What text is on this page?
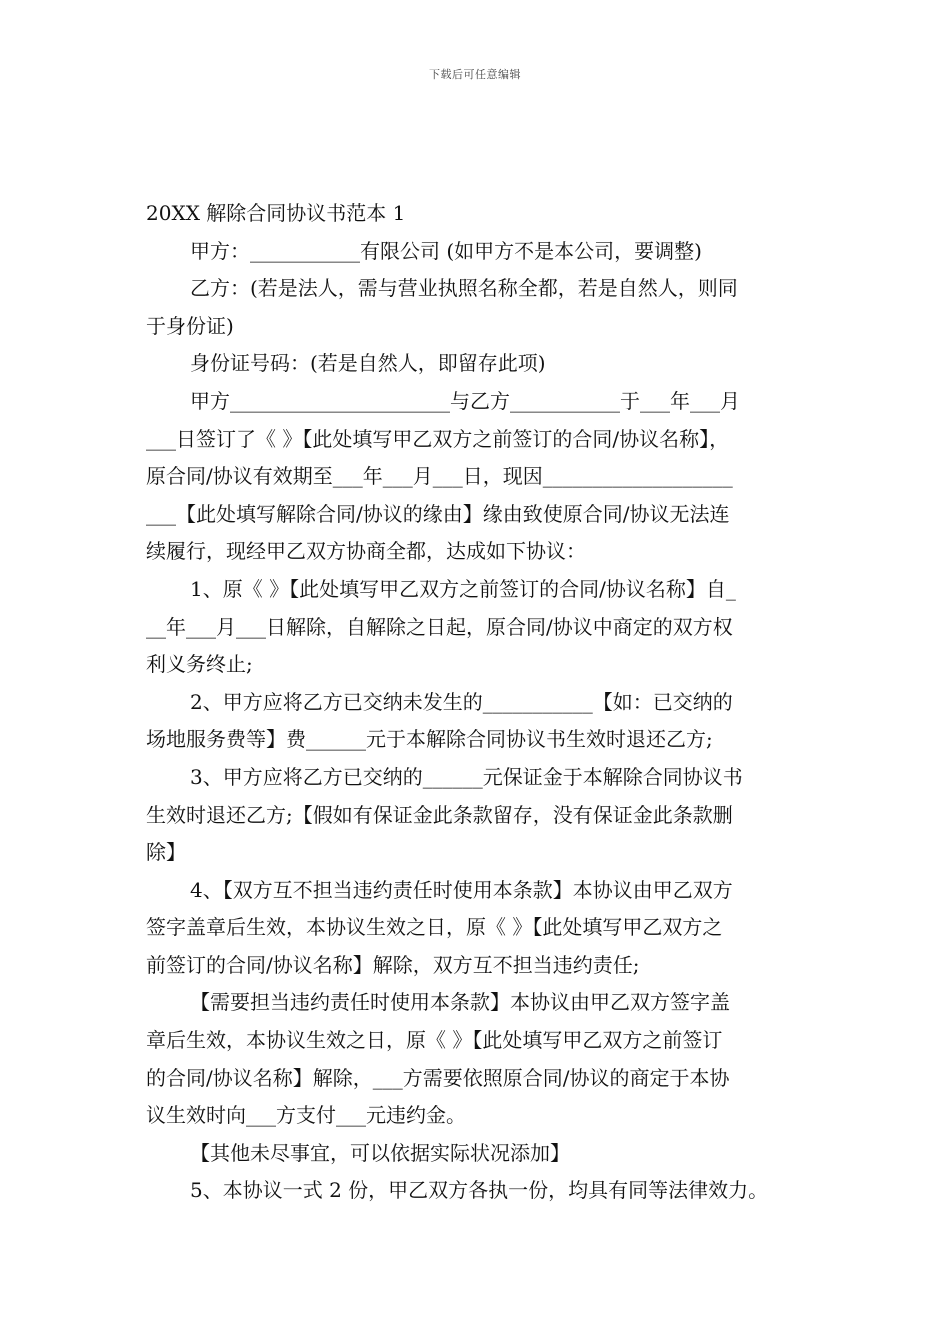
下载后可任意编辑

20XX 解除合同协议书范本 1

甲方：___________有限公司 (如甲方不是本公司，要调整)

乙方：(若是法人，需与营业执照名称全都，若是自然人，则同

于身份证)

身份证号码：(若是自然人，即留存此项)

甲方______________________与乙方___________于___年___月

___日签订了《 》【此处填写甲乙双方之前签订的合同/协议名称】，

原合同/协议有效期至___年___月___日，现因___________________

___【此处填写解除合同/协议的缘由】缘由致使原合同/协议无法连

续履行，现经甲乙双方协商全都，达成如下协议：

1、原《 》【此处填写甲乙双方之前签订的合同/协议名称】自_

__年___月___日解除，自解除之日起，原合同/协议中商定的双方权

利义务终止;

2、甲方应将乙方已交纳未发生的___________【如：已交纳的

场地服务费等】费______元于本解除合同协议书生效时退还乙方;

3、甲方应将乙方已交纳的______元保证金于本解除合同协议书

生效时退还乙方;【假如有保证金此条款留存，没有保证金此条款删

除】

4、【双方互不担当违约责任时使用本条款】本协议由甲乙双方

签字盖章后生效，本协议生效之日，原《 》【此处填写甲乙双方之

前签订的合同/协议名称】解除，双方互不担当违约责任;

【需要担当违约责任时使用本条款】本协议由甲乙双方签字盖

章后生效，本协议生效之日，原《 》【此处填写甲乙双方之前签订

的合同/协议名称】解除，___方需要依照原合同/协议的商定于本协

议生效时向___方支付___元违约金。

【其他未尽事宜，可以依据实际状况添加】

5、本协议一式 2 份，甲乙双方各执一份，均具有同等法律效力。
